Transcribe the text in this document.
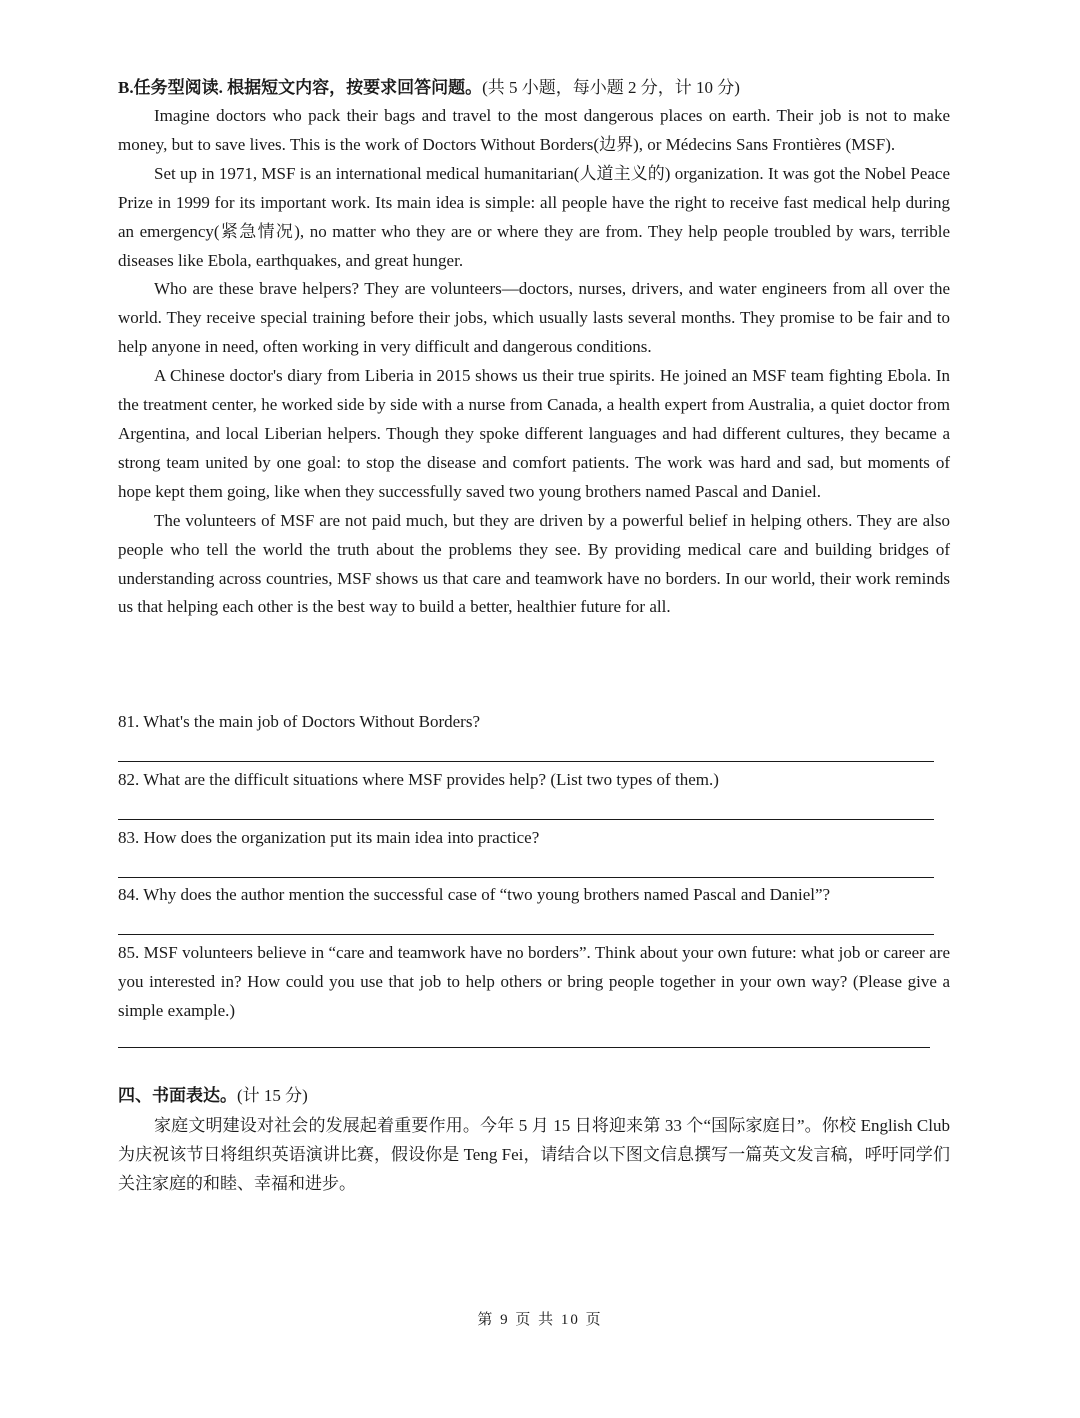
B.任务型阅读. 根据短文内容，按要求回答问题。(共 5 小题，每小题 2 分，计 10 分)

Imagine doctors who pack their bags and travel to the most dangerous places on earth. Their job is not to make money, but to save lives. This is the work of Doctors Without Borders(边界), or Médecins Sans Frontières (MSF).

Set up in 1971, MSF is an international medical humanitarian(人道主义的) organization. It was got the Nobel Peace Prize in 1999 for its important work. Its main idea is simple: all people have the right to receive fast medical help during an emergency(紧急情况), no matter who they are or where they are from. They help people troubled by wars, terrible diseases like Ebola, earthquakes, and great hunger.

Who are these brave helpers? They are volunteers—doctors, nurses, drivers, and water engineers from all over the world. They receive special training before their jobs, which usually lasts several months. They promise to be fair and to help anyone in need, often working in very difficult and dangerous conditions.

A Chinese doctor's diary from Liberia in 2015 shows us their true spirits. He joined an MSF team fighting Ebola. In the treatment center, he worked side by side with a nurse from Canada, a health expert from Australia, a quiet doctor from Argentina, and local Liberian helpers. Though they spoke different languages and had different cultures, they became a strong team united by one goal: to stop the disease and comfort patients. The work was hard and sad, but moments of hope kept them going, like when they successfully saved two young brothers named Pascal and Daniel.

The volunteers of MSF are not paid much, but they are driven by a powerful belief in helping others. They are also people who tell the world the truth about the problems they see. By providing medical care and building bridges of understanding across countries, MSF shows us that care and teamwork have no borders. In our world, their work reminds us that helping each other is the best way to build a better, healthier future for all.

81. What's the main job of Doctors Without Borders?

82. What are the difficult situations where MSF provides help? (List two types of them.)

83. How does the organization put its main idea into practice?

84. Why does the author mention the successful case of “two young brothers named Pascal and Daniel”?

85. MSF volunteers believe in “care and teamwork have no borders”. Think about your own future: what job or career are you interested in? How could you use that job to help others or bring people together in your own way? (Please give a simple example.)

四、书面表达。(计 15 分)

家庭文明建设对社会的发展起着重要作用。今年 5 月 15 日将迎来第 33 个“国际家庭日”。你校 English Club 为庆祝该节日将组织英语演讲比赛，假设你是 Teng Fei，请结合以下图文信息撰写一篇英文发言稿，呼吁同学们关注家庭的和睦、幸福和进步。

第 9 页 共 10 页
